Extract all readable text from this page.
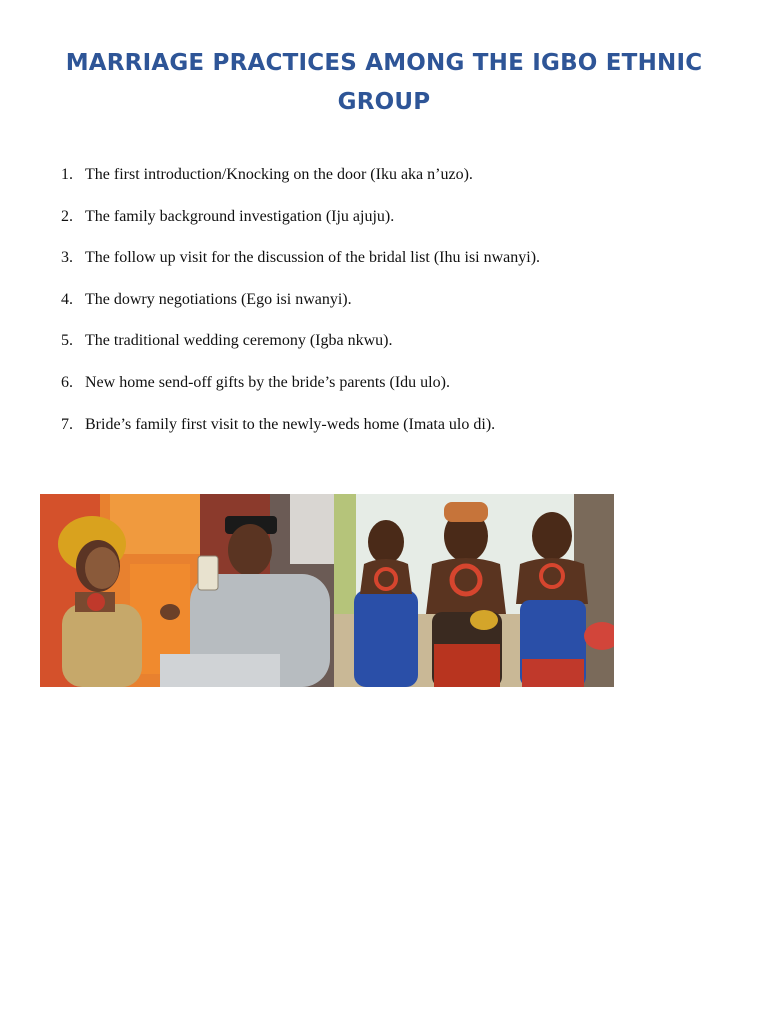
MARRIAGE PRACTICES AMONG THE IGBO ETHNIC
GROUP
1. The first introduction/Knocking on the door (Iku aka n’uzo).
2. The family background investigation (Iju ajuju).
3. The follow up visit for the discussion of the bridal list (Ihu isi nwanyi).
4. The dowry negotiations (Ego isi nwanyi).
5. The traditional wedding ceremony (Igba nkwu).
6. New home send-off gifts by the bride’s parents (Idu ulo).
7. Bride’s family first visit to the newly-weds home (Imata ulo di).
